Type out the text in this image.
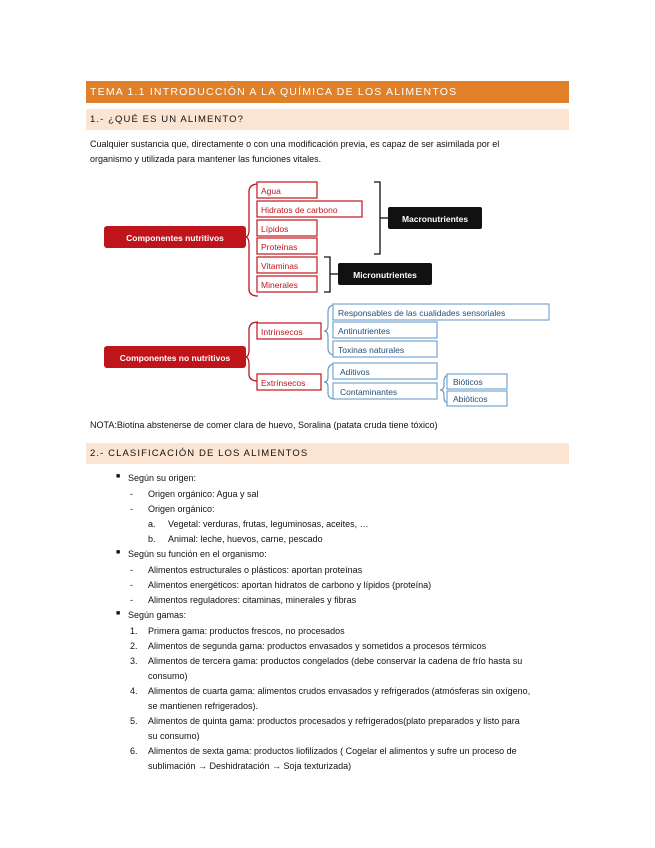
TEMA 1.1 INTRODUCCIÓN A LA QUÍMICA DE LOS ALIMENTOS
1.- ¿QUÉ ES UN ALIMENTO?
Cualquier sustancia que, directamente o con una modificación previa, es capaz de ser asimilada por el
organismo y utilizada para mantener las funciones vitales.
Componentes nutritivos
Agua
Hidratos de carbono
Lípidos
Proteínas
Vitaminas
Minerales
Macronutrientes
Micronutrientes
Componentes no nutritivos
Intrínsecos
Extrínsecos
Responsables de las cualidades sensoriales
Antinutrientes
Toxinas naturales
Aditivos
Contaminantes
Bióticos
Abióticos
NOTA:Biotina abstenerse de comer clara de huevo, Soralina (patata cruda tiene tóxico)
2.- CLASIFICACIÓN DE LOS ALIMENTOS
■ Según su origen:
- Origen orgánico: Agua y sal
- Origen orgánico:
a. Vegetal: verduras, frutas, leguminosas, aceites, …
b. Animal: leche, huevos, carne, pescado
■ Según su función en el organismo:
- Alimentos estructurales o plásticos: aportan proteínas
- Alimentos energéticos: aportan hidratos de carbono y lípidos (proteína)
- Alimentos reguladores: citaminas, minerales y fibras
■ Según gamas:
1. Primera gama: productos frescos, no procesados
2. Alimentos de segunda gama: productos envasados y sometidos a procesos térmicos
3. Alimentos de tercera gama: productos congelados (debe conservar la cadena de frío hasta su
consumo)
4. Alimentos de cuarta gama: alimentos crudos envasados y refrigerados (atmósferas sin oxígeno,
se mantienen refrigerados).
5. Alimentos de quinta gama: productos procesados y refrigerados(plato preparados y listo para
su consumo)
6. Alimentos de sexta gama: productos liofilizados ( Cogelar el alimentos y sufre un proceso de
sublimación → Deshidratación → Soja texturizada)
